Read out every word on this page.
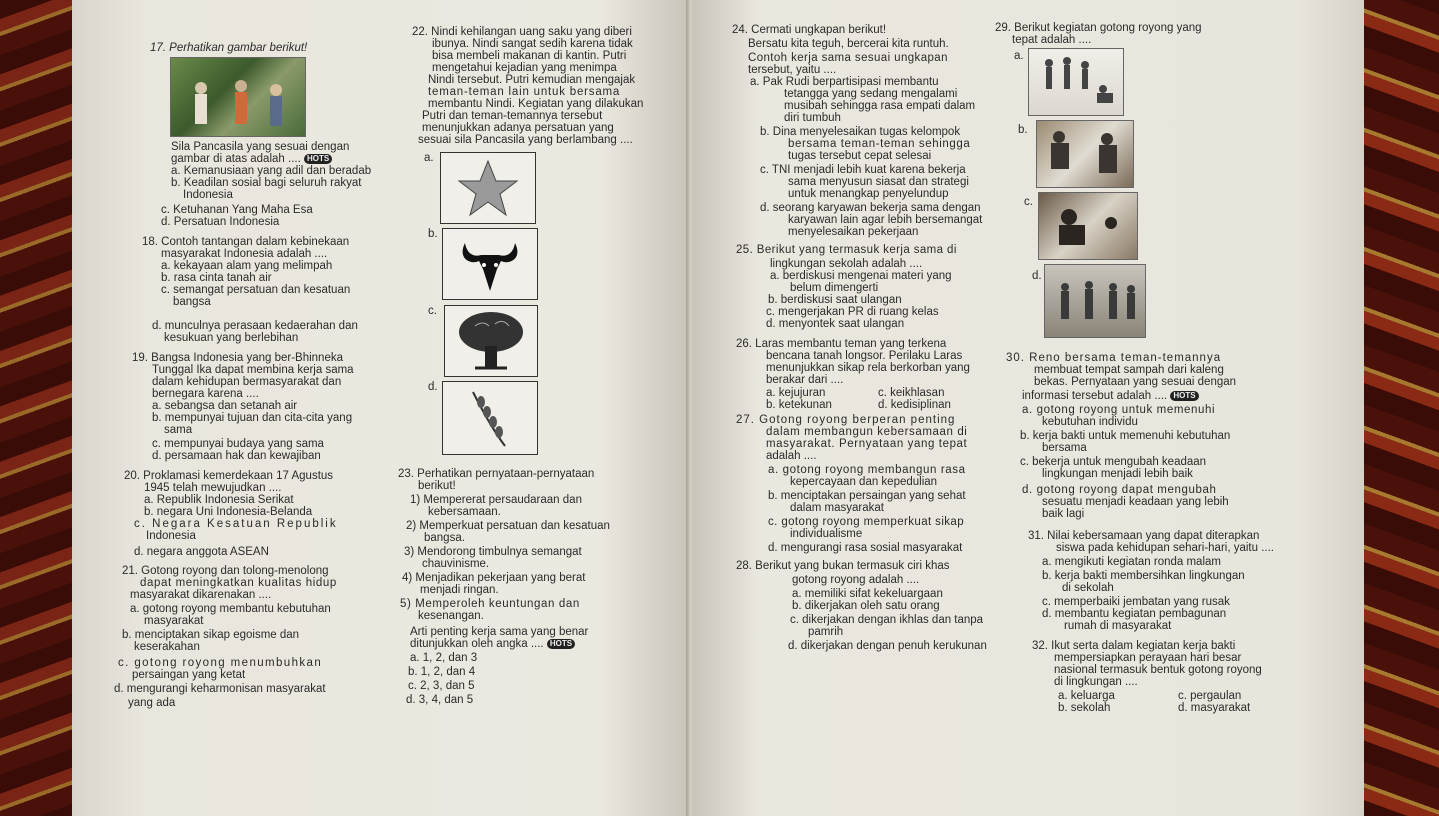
17. Perhatikan gambar berikut!
Sila Pancasila yang sesuai dengan
gambar di atas adalah .... HOTS
a. Kemanusiaan yang adil dan beradab
b. Keadilan sosial bagi seluruh rakyat
Indonesia
c. Ketuhanan Yang Maha Esa
d. Persatuan Indonesia
18. Contoh tantangan dalam kebinekaan
masyarakat Indonesia adalah ....
a. kekayaan alam yang melimpah
b. rasa cinta tanah air
c. semangat persatuan dan kesatuan
bangsa
d. munculnya perasaan kedaerahan dan
kesukuan yang berlebihan
19. Bangsa Indonesia yang ber-Bhinneka
Tunggal Ika dapat membina kerja sama
dalam kehidupan bermasyarakat dan
bernegara karena ....
a. sebangsa dan setanah air
b. mempunyai tujuan dan cita-cita yang
sama
c. mempunyai budaya yang sama
d. persamaan hak dan kewajiban
20. Proklamasi kemerdekaan 17 Agustus
1945 telah mewujudkan ....
a. Republik Indonesia Serikat
b. negara Uni Indonesia-Belanda
c. Negara Kesatuan Republik
Indonesia
d. negara anggota ASEAN
21. Gotong royong dan tolong-menolong
dapat meningkatkan kualitas hidup
masyarakat dikarenakan ....
a. gotong royong membantu kebutuhan
masyarakat
b. menciptakan sikap egoisme dan
keserakahan
c. gotong royong menumbuhkan
persaingan yang ketat
d. mengurangi keharmonisan masyarakat
yang ada
22. Nindi kehilangan uang saku yang diberi
ibunya. Nindi sangat sedih karena tidak
bisa membeli makanan di kantin. Putri
mengetahui kejadian yang menimpa
Nindi tersebut. Putri kemudian mengajak
teman-teman lain untuk bersama
membantu Nindi. Kegiatan yang dilakukan
Putri dan teman-temannya tersebut
menunjukkan adanya persatuan yang
sesuai sila Pancasila yang berlambang ....
a.
b.
c.
d.
23. Perhatikan pernyataan-pernyataan
berikut!
1) Mempererat persaudaraan dan
kebersamaan.
2) Memperkuat persatuan dan kesatuan
bangsa.
3) Mendorong timbulnya semangat
chauvinisme.
4) Menjadikan pekerjaan yang berat
menjadi ringan.
5) Memperoleh keuntungan dan
kesenangan.
Arti penting kerja sama yang benar
ditunjukkan oleh angka .... HOTS
a. 1, 2, dan 3
b. 1, 2, dan 4
c. 2, 3, dan 5
d. 3, 4, dan 5
24. Cermati ungkapan berikut!
Bersatu kita teguh, bercerai kita runtuh.
Contoh kerja sama sesuai ungkapan
tersebut, yaitu ....
a. Pak Rudi berpartisipasi membantu
tetangga yang sedang mengalami
musibah sehingga rasa empati dalam
diri tumbuh
b. Dina menyelesaikan tugas kelompok
bersama teman-teman sehingga
tugas tersebut cepat selesai
c. TNI menjadi lebih kuat karena bekerja
sama menyusun siasat dan strategi
untuk menangkap penyelundup
d. seorang karyawan bekerja sama dengan
karyawan lain agar lebih bersemangat
menyelesaikan pekerjaan
25. Berikut yang termasuk kerja sama di
lingkungan sekolah adalah ....
a. berdiskusi mengenai materi yang
belum dimengerti
b. berdiskusi saat ulangan
c. mengerjakan PR di ruang kelas
d. menyontek saat ulangan
26. Laras membantu teman yang terkena
bencana tanah longsor. Perilaku Laras
menunjukkan sikap rela berkorban yang
berakar dari ....
a. kejujuran	c. keikhlasan
b. ketekunan	d. kedisiplinan
27. Gotong royong berperan penting
dalam membangun kebersamaan di
masyarakat. Pernyataan yang tepat
adalah ....
a. gotong royong membangun rasa
kepercayaan dan kepedulian
b. menciptakan persaingan yang sehat
dalam masyarakat
c. gotong royong memperkuat sikap
individualisme
d. mengurangi rasa sosial masyarakat
28. Berikut yang bukan termasuk ciri khas
gotong royong adalah ....
a. memiliki sifat kekeluargaan
b. dikerjakan oleh satu orang
c. dikerjakan dengan ikhlas dan tanpa
pamrih
d. dikerjakan dengan penuh kerukunan
29. Berikut kegiatan gotong royong yang
tepat adalah ....
a.
b.
c.
d.
30. Reno bersama teman-temannya
membuat tempat sampah dari kaleng
bekas. Pernyataan yang sesuai dengan
informasi tersebut adalah .... HOTS
a. gotong royong untuk memenuhi
kebutuhan individu
b. kerja bakti untuk memenuhi kebutuhan
bersama
c. bekerja untuk mengubah keadaan
lingkungan menjadi lebih baik
d. gotong royong dapat mengubah
sesuatu menjadi keadaan yang lebih
baik lagi
31. Nilai kebersamaan yang dapat diterapkan
siswa pada kehidupan sehari-hari, yaitu ....
a. mengikuti kegiatan ronda malam
b. kerja bakti membersihkan lingkungan
di sekolah
c. memperbaiki jembatan yang rusak
d. membantu kegiatan pembagunan
rumah di masyarakat
32. Ikut serta dalam kegiatan kerja bakti
mempersiapkan perayaan hari besar
nasional termasuk bentuk gotong royong
di lingkungan ....
a. keluarga	c. pergaulan
b. sekolah	d. masyarakat
